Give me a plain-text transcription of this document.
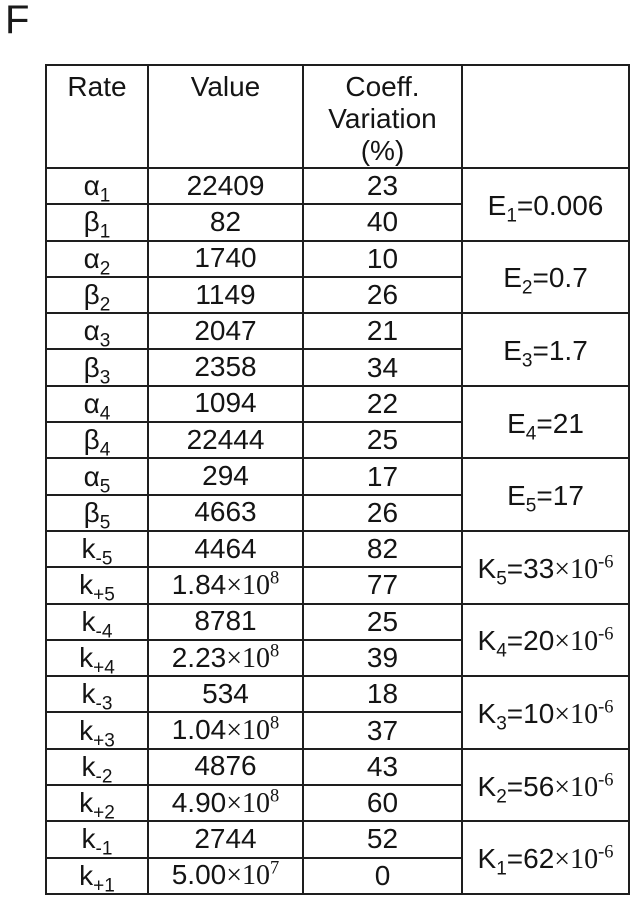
F
Rate	Value	Coeff.
Variation
(%)	

$\alpha_1$	22409	23	$E_1=0.006$
$\beta_1$	82	40	
$\alpha_2$	1740	10	$E_2=0.7$
$\beta_2$	1149	26	
$\alpha_3$	2047	21	$E_3=1.7$
$\beta_3$	2358	34	
$\alpha_4$	1094	22	$E_4=21$
$\beta_4$	22444	25	
$\alpha_5$	294	17	$E_5=17$
$\beta_5$	4663	26	
$k_{-5}$	4464	82	$K_5=33\times 10^{-6}$
$k_{+5}$	$1.84\times 10^8$	77	
$k_{-4}$	8781	25	$K_4=20\times 10^{-6}$
$k_{+4}$	$2.23\times 10^8$	39	
$k_{-3}$	534	18	$K_3=10\times 10^{-6}$
$k_{+3}$	$1.04\times 10^8$	37	
$k_{-2}$	4876	43	$K_2=56\times 10^{-6}$
$k_{+2}$	$4.90\times 10^8$	60	
$k_{-1}$	2744	52	$K_1=62\times 10^{-6}$
$k_{+1}$	$5.00\times 10^7$	0	
